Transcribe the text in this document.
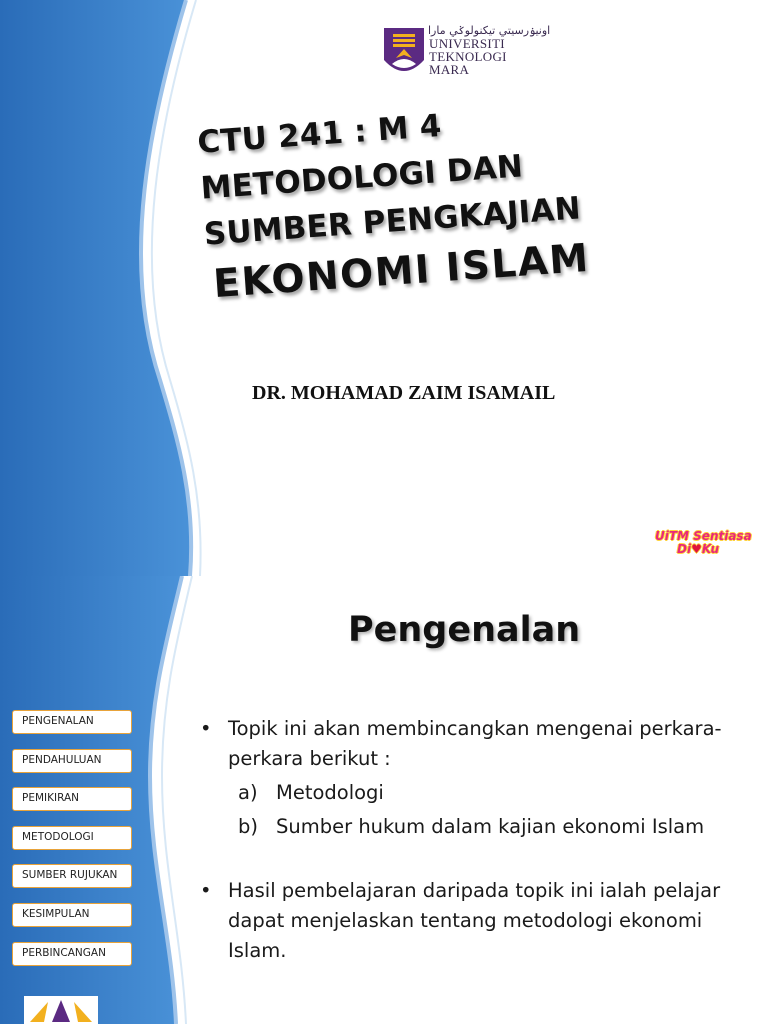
اونيۏرسيتي تيكنولوݢي مارا
UNIVERSITI
TEKNOLOGI
MARA
CTU 241 : M 4
METODOLOGI DAN
SUMBER PENGKAJIAN
EKONOMI ISLAM
DR. MOHAMAD ZAIM ISAMAIL
UiTM Sentiasa
Di♥Ku
Pengenalan
PENGENALAN
PENDAHULUAN
PEMIKIRAN
METODOLOGI
SUMBER RUJUKAN
KESIMPULAN
PERBINCANGAN
• Topik ini akan membincangkan mengenai perkara-perkara berikut :
a) Metodologi
b) Sumber hukum dalam kajian ekonomi Islam
• Hasil pembelajaran daripada topik ini ialah pelajar dapat menjelaskan tentang metodologi ekonomi Islam.
